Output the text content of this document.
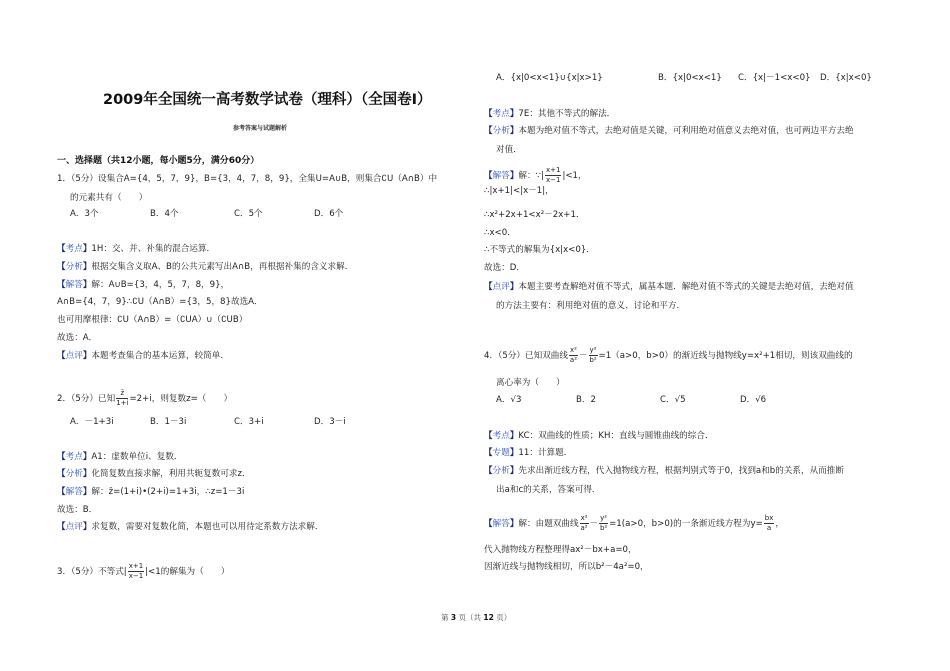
2009年全国统一高考数学试卷（理科）（全国卷Ⅰ）
参考答案与试题解析
一、选择题（共12小题，每小题5分，满分60分）
1．（5分）设集合A={4，5，7，9}，B={3，4，7，8，9}，全集U=A∪B，则集合∁U（A∩B）中
的元素共有（　　）
A．3个	B．4个	C．5个	D．6个
【考点】1H：交、并、补集的混合运算．
【分析】根据交集含义取A、B的公共元素写出A∩B，再根据补集的含义求解．
【解答】解：A∪B={3，4，5，7，8，9}，
A∩B={4，7，9}∴∁U（A∩B）={3，5，8}故选A．
也可用摩根律：∁U（A∩B）=（∁UA）∪（∁UB）
故选：A．
【点评】本题考查集合的基本运算，较简单．
2．（5分）已知 $\frac{z̄}{1+i} =2+i$，则复数z=（　　）
A．－1+3i	B．1－3i	C．3+i	D．3－i
【考点】A1：虚数单位i、复数．
【分析】化简复数直接求解，利用共轭复数可求z．
【解答】解：z̄=(1+i)•(2+i)=1+3i，∴z=1－3i
故选：B．
【点评】求复数，需要对复数化简，本题也可以用待定系数方法求解．
3．（5分）不等式| $\frac{x+1}{x-1} |<1$的解集为（　　）
A．{x|0<x<1}∪{x|x>1}	B．{x|0<x<1} C．{x|－1<x<0} D．{x|x<0}
【考点】7E：其他不等式的解法．
【分析】本题为绝对值不等式，去绝对值是关键，可利用绝对值意义去绝对值，也可两边平方去绝
对值．
【解答】解：∵| $\frac{x+1}{x-1} |<1$，
∴|x+1|<|x－1|，
∴x²+2x+1<x²－2x+1．
∴x<0．
∴不等式的解集为{x|x<0}．
故选：D．
【点评】本题主要考查解绝对值不等式，属基本题．解绝对值不等式的关键是去绝对值，去绝对值
的方法主要有：利用绝对值的意义、讨论和平方．
4．（5分）已知双曲线 $\frac{\text{x²}}{\text{a²}} - \frac{\text{y²}}{\text{b²}} =1(a>0$，b>0）的渐近线与抛物线y=x²+1相切，则该双曲线的
离心率为（　　）
A．√3	B．2	C．√5	D．√6
【考点】KC：双曲线的性质；KH：直线与圆锥曲线的综合．
【专题】11：计算题．
【分析】先求出渐近线方程，代入抛物线方程，根据判别式等于0，找到a和b的关系，从而推断
出a和c的关系，答案可得．
【解答】解：由题双曲线 $\frac{\text{x²}}{\text{a²}} - \frac{\text{y²}}{\text{b²}} =1(a>0$，b>0)的一条渐近线方程为$y= \frac{bx}{a}$ ，
代入抛物线方程整理得ax²－bx+a=0，
因渐近线与抛物线相切，所以b²－4a²=0，
第 3 页（共 12 页）
